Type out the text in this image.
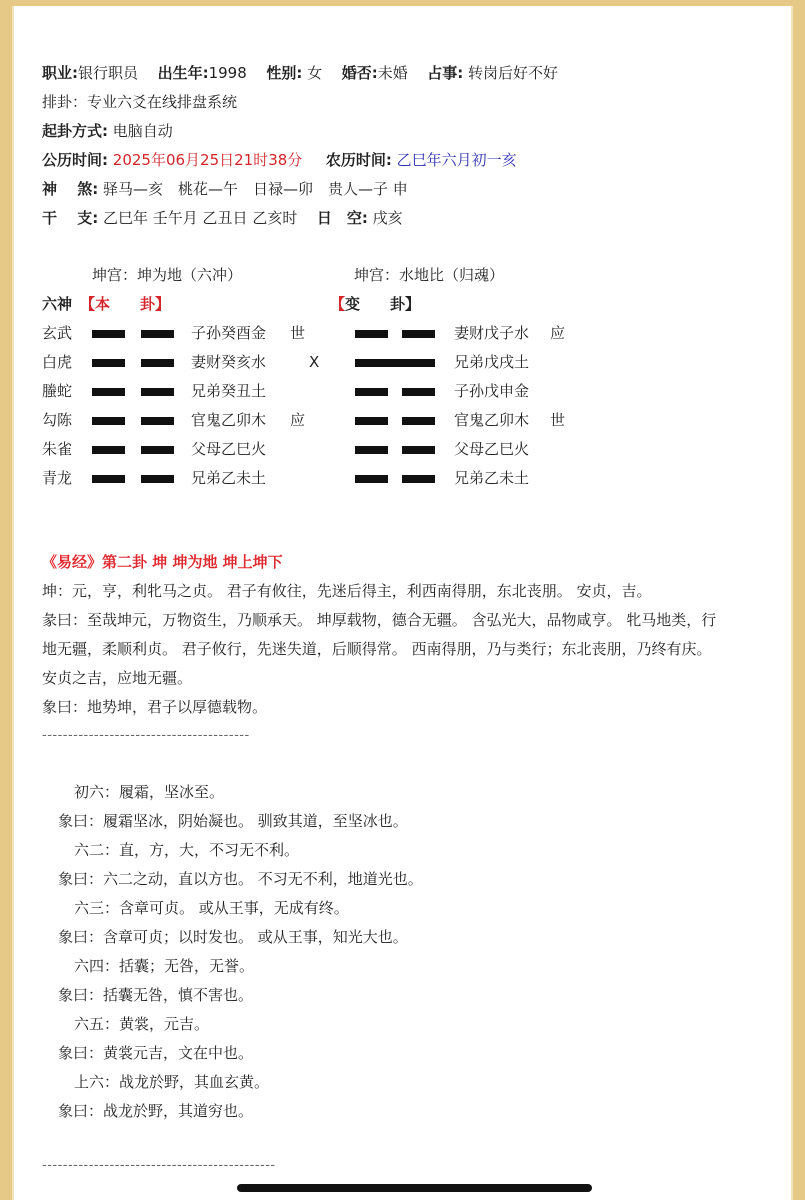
职业:银行职员 出生年:1998 性别: 女 婚否:未婚 占事: 转岗后好不好
排卦：专业六爻在线排盘系统
起卦方式: 电脑自动
公历时间: 2025年06月25日21时38分 农历时间: 乙巳年六月初一亥
神　 煞: 驿马—亥　桃花—午　日禄—卯　贵人—子 申
干　 支: 乙巳年 壬午月 乙丑日 乙亥时 日　空: 戌亥
坤宫：坤为地（六冲）	坤宫：水地比（归魂）
六神 【本　　卦】	【变　　卦】
玄武	子孙癸酉金 世	妻财戊子水 应
白虎	妻财癸亥水	X	兄弟戊戌土
螣蛇	兄弟癸丑土	子孙戊申金
勾陈	官鬼乙卯木 应	官鬼乙卯木 世
朱雀	父母乙巳火	父母乙巳火
青龙	兄弟乙未土	兄弟乙未土
《易经》第二卦 坤 坤为地 坤上坤下
坤：元，亨，利牝马之贞。 君子有攸往，先迷后得主，利西南得朋，东北丧朋。 安贞，吉。
彖曰：至哉坤元，万物资生，乃顺承天。 坤厚载物，德合无疆。 含弘光大，品物咸亨。 牝马地类，行
地无疆，柔顺利贞。 君子攸行，先迷失道，后顺得常。 西南得朋，乃与类行；东北丧朋，乃终有庆。
安贞之吉，应地无疆。
象曰：地势坤，君子以厚德载物。
----------------------------------------
初六：履霜，坚冰至。
象曰：履霜坚冰，阴始凝也。 驯致其道，至坚冰也。
六二：直，方，大，不习无不利。
象曰：六二之动，直以方也。 不习无不利，地道光也。
六三：含章可贞。 或从王事，无成有终。
象曰：含章可贞；以时发也。 或从王事，知光大也。
六四：括囊；无咎，无誉。
象曰：括囊无咎，慎不害也。
六五：黄裳，元吉。
象曰：黄裳元吉，文在中也。
上六：战龙於野，其血玄黄。
象曰：战龙於野，其道穷也。
---------------------------------------------
